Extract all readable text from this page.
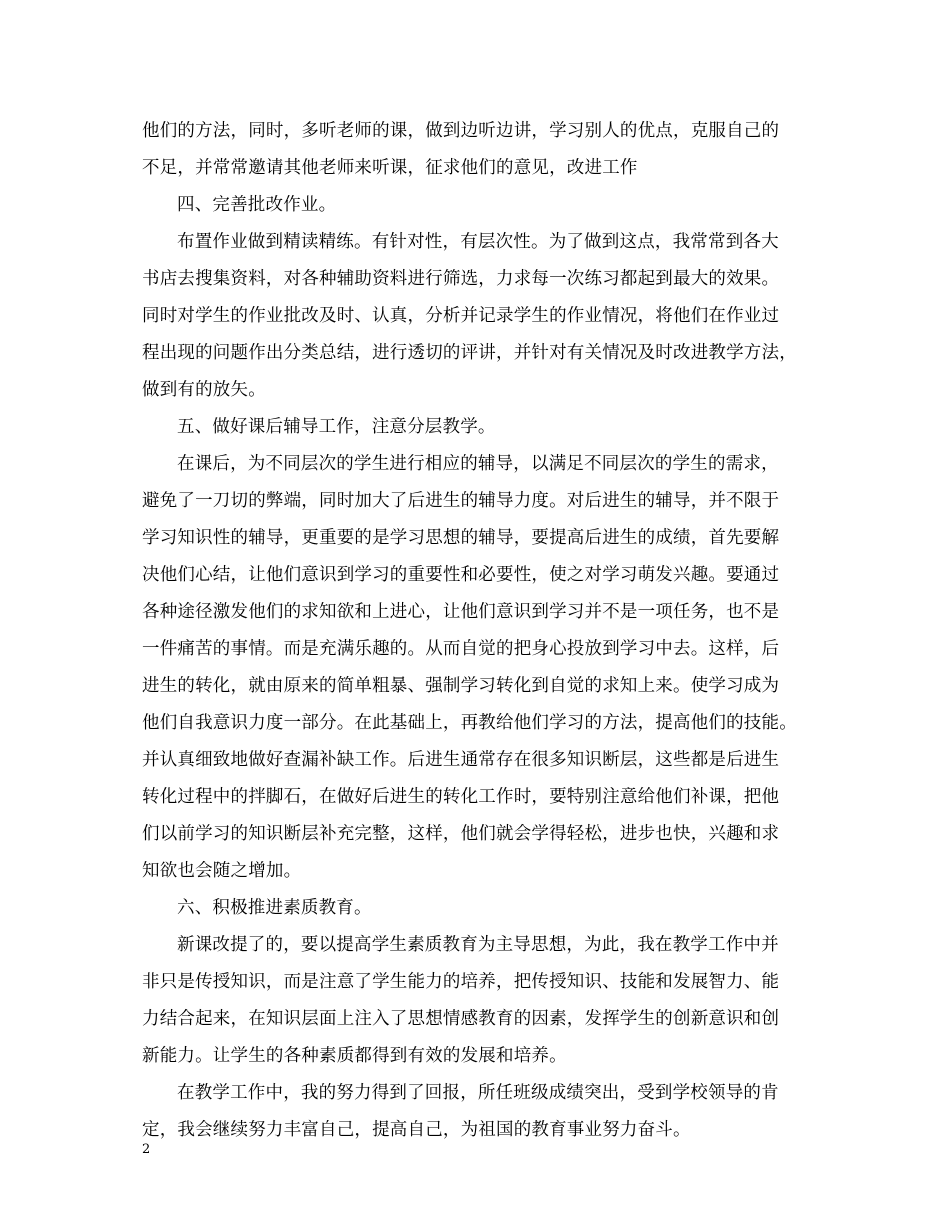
他们的方法，同时，多听老师的课，做到边听边讲，学习别人的优点，克服自己的
不足，并常常邀请其他老师来听课，征求他们的意见，改进工作
四、完善批改作业。
布置作业做到精读精练。有针对性，有层次性。为了做到这点，我常常到各大
书店去搜集资料，对各种辅助资料进行筛选，力求每一次练习都起到最大的效果。
同时对学生的作业批改及时、认真，分析并记录学生的作业情况，将他们在作业过
程出现的问题作出分类总结，进行透切的评讲，并针对有关情况及时改进教学方法，
做到有的放矢。
五、做好课后辅导工作，注意分层教学。
在课后，为不同层次的学生进行相应的辅导，以满足不同层次的学生的需求，
避免了一刀切的弊端，同时加大了后进生的辅导力度。对后进生的辅导，并不限于
学习知识性的辅导，更重要的是学习思想的辅导，要提高后进生的成绩，首先要解
决他们心结，让他们意识到学习的重要性和必要性，使之对学习萌发兴趣。要通过
各种途径激发他们的求知欲和上进心，让他们意识到学习并不是一项任务，也不是
一件痛苦的事情。而是充满乐趣的。从而自觉的把身心投放到学习中去。这样，后
进生的转化，就由原来的简单粗暴、强制学习转化到自觉的求知上来。使学习成为
他们自我意识力度一部分。在此基础上，再教给他们学习的方法，提高他们的技能。
并认真细致地做好查漏补缺工作。后进生通常存在很多知识断层，这些都是后进生
转化过程中的拌脚石，在做好后进生的转化工作时，要特别注意给他们补课，把他
们以前学习的知识断层补充完整，这样，他们就会学得轻松，进步也快，兴趣和求
知欲也会随之增加。
六、积极推进素质教育。
新课改提了的，要以提高学生素质教育为主导思想，为此，我在教学工作中并
非只是传授知识，而是注意了学生能力的培养，把传授知识、技能和发展智力、能
力结合起来，在知识层面上注入了思想情感教育的因素，发挥学生的创新意识和创
新能力。让学生的各种素质都得到有效的发展和培养。
在教学工作中，我的努力得到了回报，所任班级成绩突出，受到学校领导的肯
定，我会继续努力丰富自己，提高自己，为祖国的教育事业努力奋斗。
2
